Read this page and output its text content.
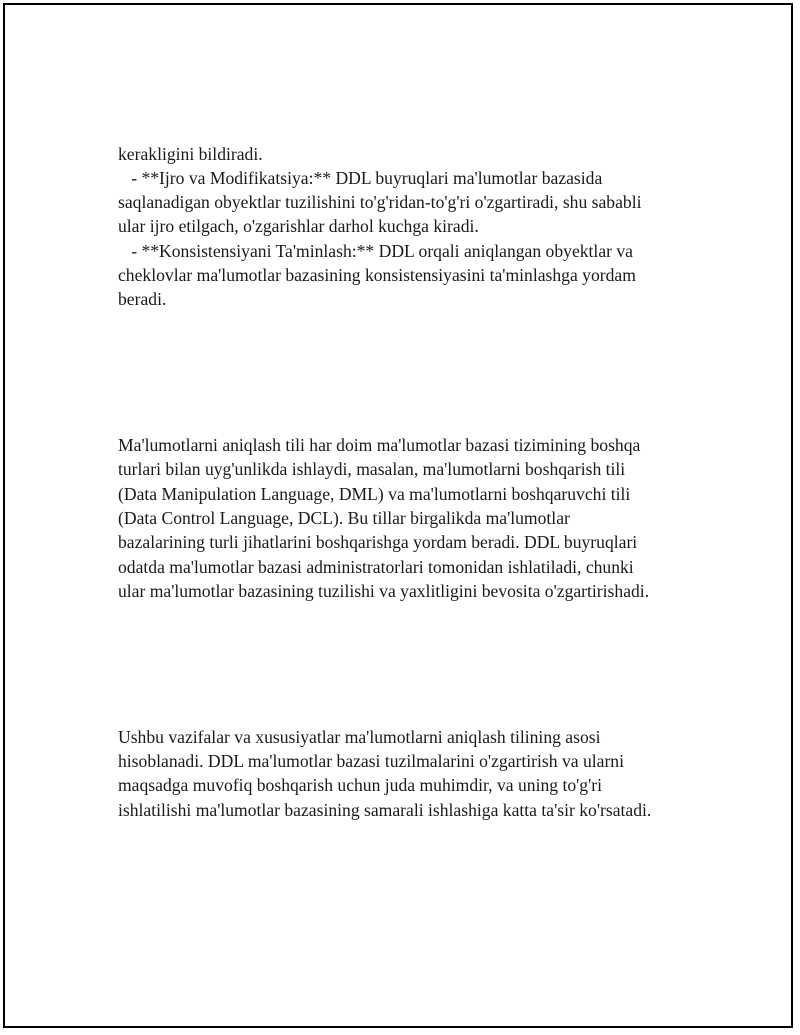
kerakligini bildiradi.
- **Ijro va Modifikatsiya:** DDL buyruqlari ma'lumotlar bazasida
saqlanadigan obyektlar tuzilishini to'g'ridan-to'g'ri o'zgartiradi, shu sababli
ular ijro etilgach, o'zgarishlar darhol kuchga kiradi.
- **Konsistensiyani Ta'minlash:** DDL orqali aniqlangan obyektlar va
cheklovlar ma'lumotlar bazasining konsistensiyasini ta'minlashga yordam
beradi.

Ma'lumotlarni aniqlash tili har doim ma'lumotlar bazasi tizimining boshqa
turlari bilan uyg'unlikda ishlaydi, masalan, ma'lumotlarni boshqarish tili
(Data Manipulation Language, DML) va ma'lumotlarni boshqaruvchi tili
(Data Control Language, DCL). Bu tillar birgalikda ma'lumotlar
bazalarining turli jihatlarini boshqarishga yordam beradi. DDL buyruqlari
odatda ma'lumotlar bazasi administratorlari tomonidan ishlatiladi, chunki
ular ma'lumotlar bazasining tuzilishi va yaxlitligini bevosita o'zgartirishadi.

Ushbu vazifalar va xususiyatlar ma'lumotlarni aniqlash tilining asosi
hisoblanadi. DDL ma'lumotlar bazasi tuzilmalarini o'zgartirish va ularni
maqsadga muvofiq boshqarish uchun juda muhimdir, va uning to'g'ri
ishlatilishi ma'lumotlar bazasining samarali ishlashiga katta ta'sir ko'rsatadi.
